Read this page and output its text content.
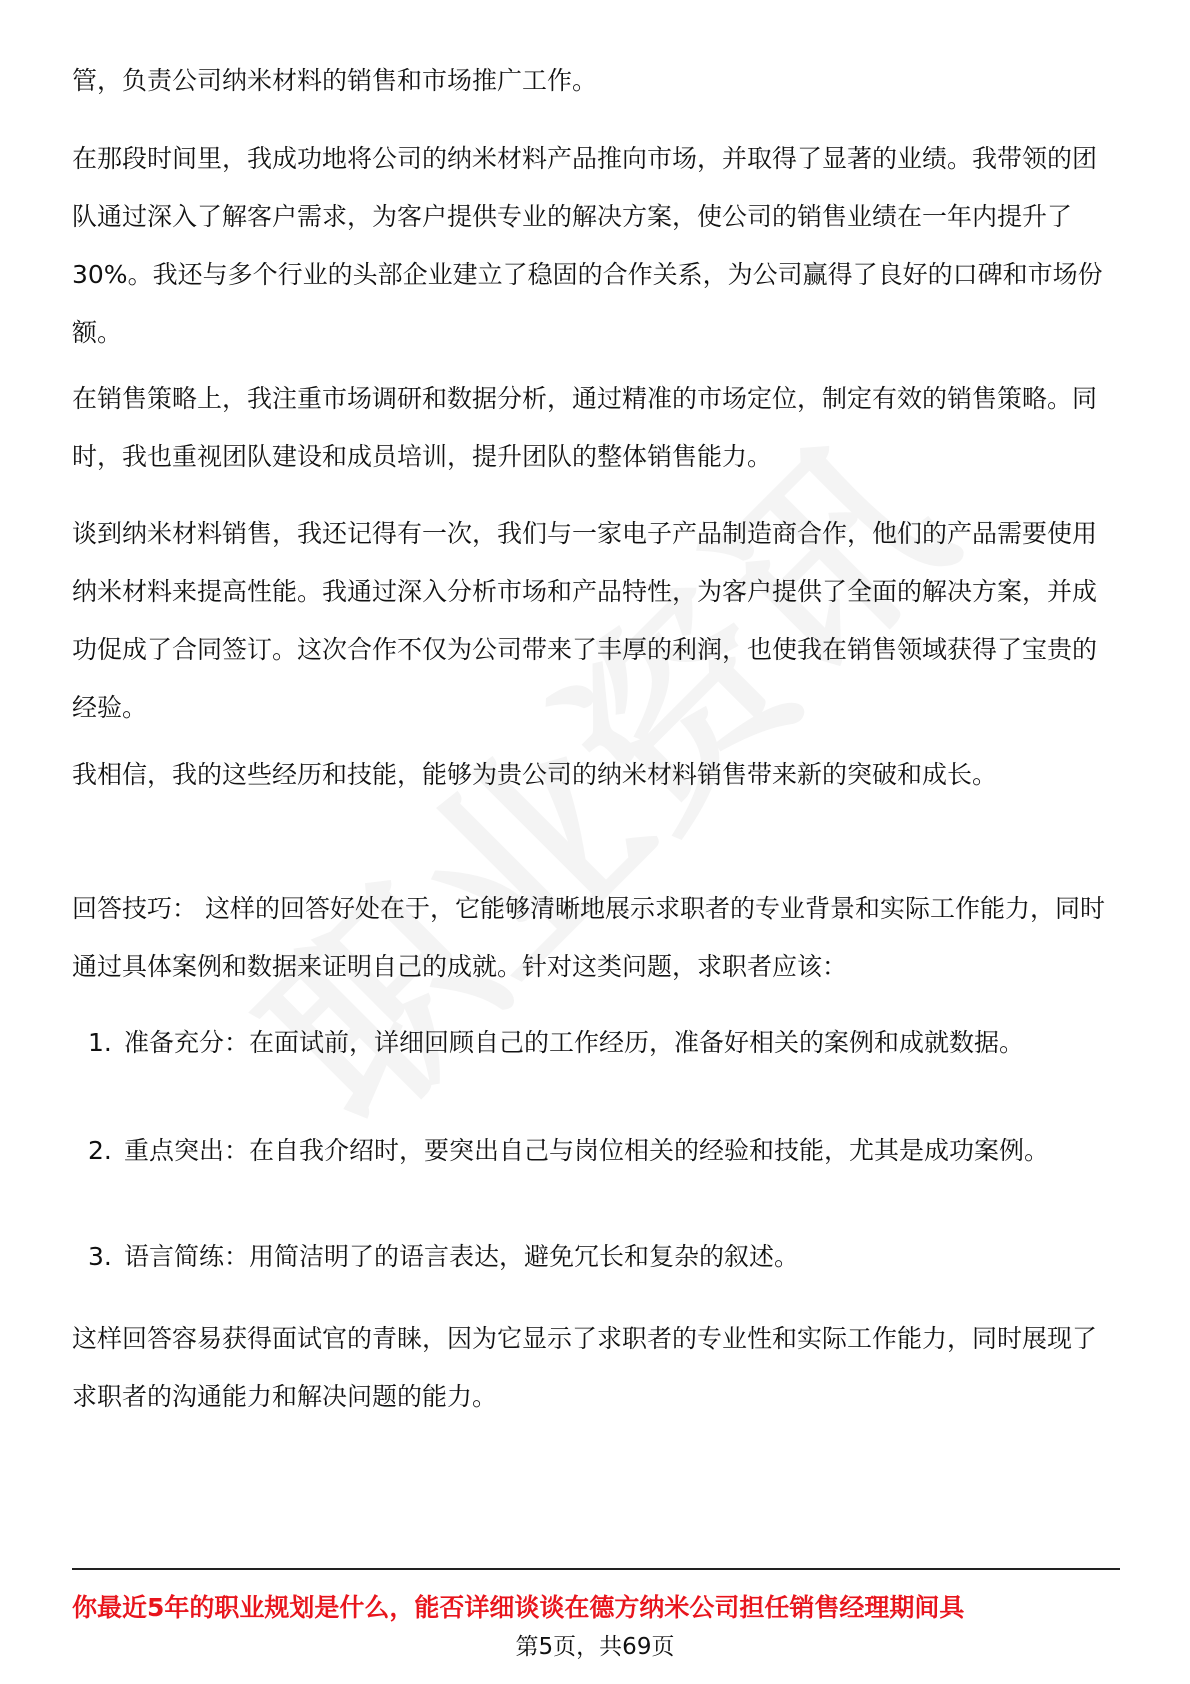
管，负责公司纳米材料的销售和市场推广工作。

在那段时间里，我成功地将公司的纳米材料产品推向市场，并取得了显著的业绩。我带领的团队通过深入了解客户需求，为客户提供专业的解决方案，使公司的销售业绩在一年内提升了30%。我还与多个行业的头部企业建立了稳固的合作关系，为公司赢得了良好的口碑和市场份额。

在销售策略上，我注重市场调研和数据分析，通过精准的市场定位，制定有效的销售策略。同时，我也重视团队建设和成员培训，提升团队的整体销售能力。

谈到纳米材料销售，我还记得有一次，我们与一家电子产品制造商合作，他们的产品需要使用纳米材料来提高性能。我通过深入分析市场和产品特性，为客户提供了全面的解决方案，并成功促成了合同签订。这次合作不仅为公司带来了丰厚的利润，也使我在销售领域获得了宝贵的经验。

我相信，我的这些经历和技能，能够为贵公司的纳米材料销售带来新的突破和成长。

回答技巧： 这样的回答好处在于，它能够清晰地展示求职者的专业背景和实际工作能力，同时通过具体案例和数据来证明自己的成就。针对这类问题，求职者应该：

1. 准备充分：在面试前，详细回顾自己的工作经历，准备好相关的案例和成就数据。
2. 重点突出：在自我介绍时，要突出自己与岗位相关的经验和技能，尤其是成功案例。
3. 语言简练：用简洁明了的语言表达，避免冗长和复杂的叙述。

这样回答容易获得面试官的青睐，因为它显示了求职者的专业性和实际工作能力，同时展现了求职者的沟通能力和解决问题的能力。

你最近5年的职业规划是什么，能否详细谈谈在德方纳米公司担任销售经理期间具
第5页，共69页
